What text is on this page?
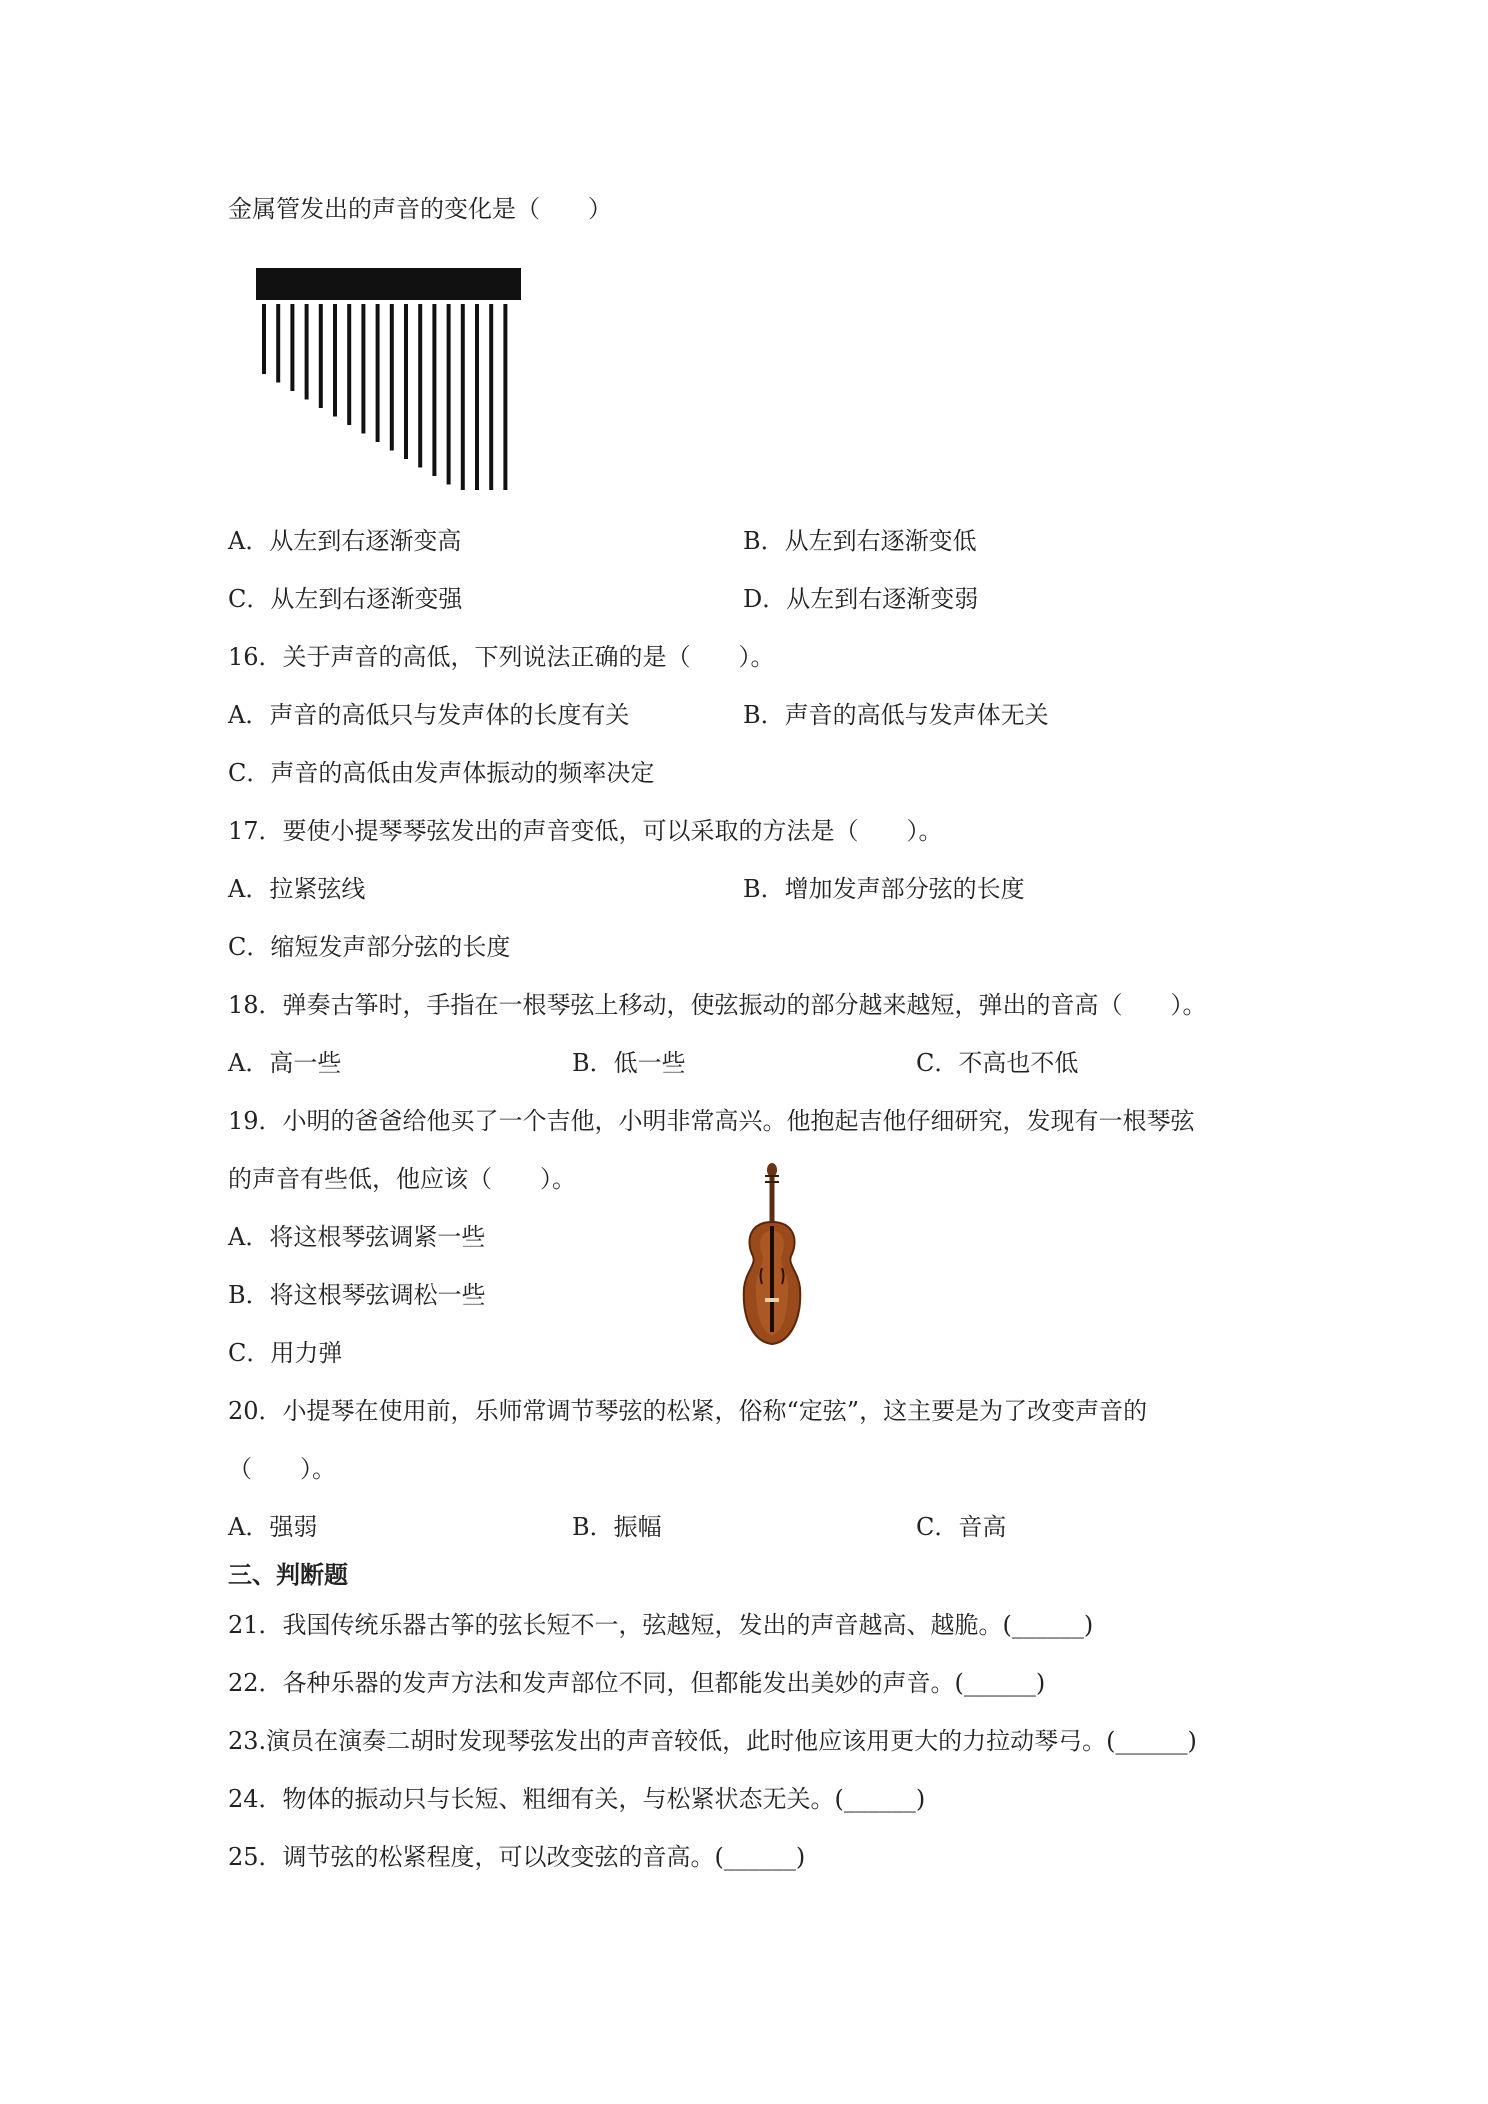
金属管发出的声音的变化是（　　）
A．从左到右逐渐变高	B．从左到右逐渐变低
C．从左到右逐渐变强	D．从左到右逐渐变弱
16．关于声音的高低，下列说法正确的是（　　）。
A．声音的高低只与发声体的长度有关	B．声音的高低与发声体无关
C．声音的高低由发声体振动的频率决定
17．要使小提琴琴弦发出的声音变低，可以采取的方法是（　　）。
A．拉紧弦线	B．增加发声部分弦的长度
C．缩短发声部分弦的长度
18．弹奏古筝时，手指在一根琴弦上移动，使弦振动的部分越来越短，弹出的音高（　　）。
A．高一些	B．低一些	C．不高也不低
19．小明的爸爸给他买了一个吉他，小明非常高兴。他抱起吉他仔细研究，发现有一根琴弦
的声音有些低，他应该（　　）。
A．将这根琴弦调紧一些
B．将这根琴弦调松一些
C．用力弹
20．小提琴在使用前，乐师常调节琴弦的松紧，俗称“定弦”，这主要是为了改变声音的
（　　）。
A．强弱	B．振幅	C．音高
三、判断题
21．我国传统乐器古筝的弦长短不一，弦越短，发出的声音越高、越脆。(______)
22．各种乐器的发声方法和发声部位不同，但都能发出美妙的声音。(______)
23.演员在演奏二胡时发现琴弦发出的声音较低，此时他应该用更大的力拉动琴弓。(______)
24．物体的振动只与长短、粗细有关，与松紧状态无关。(______)
25．调节弦的松紧程度，可以改变弦的音高。(______)
